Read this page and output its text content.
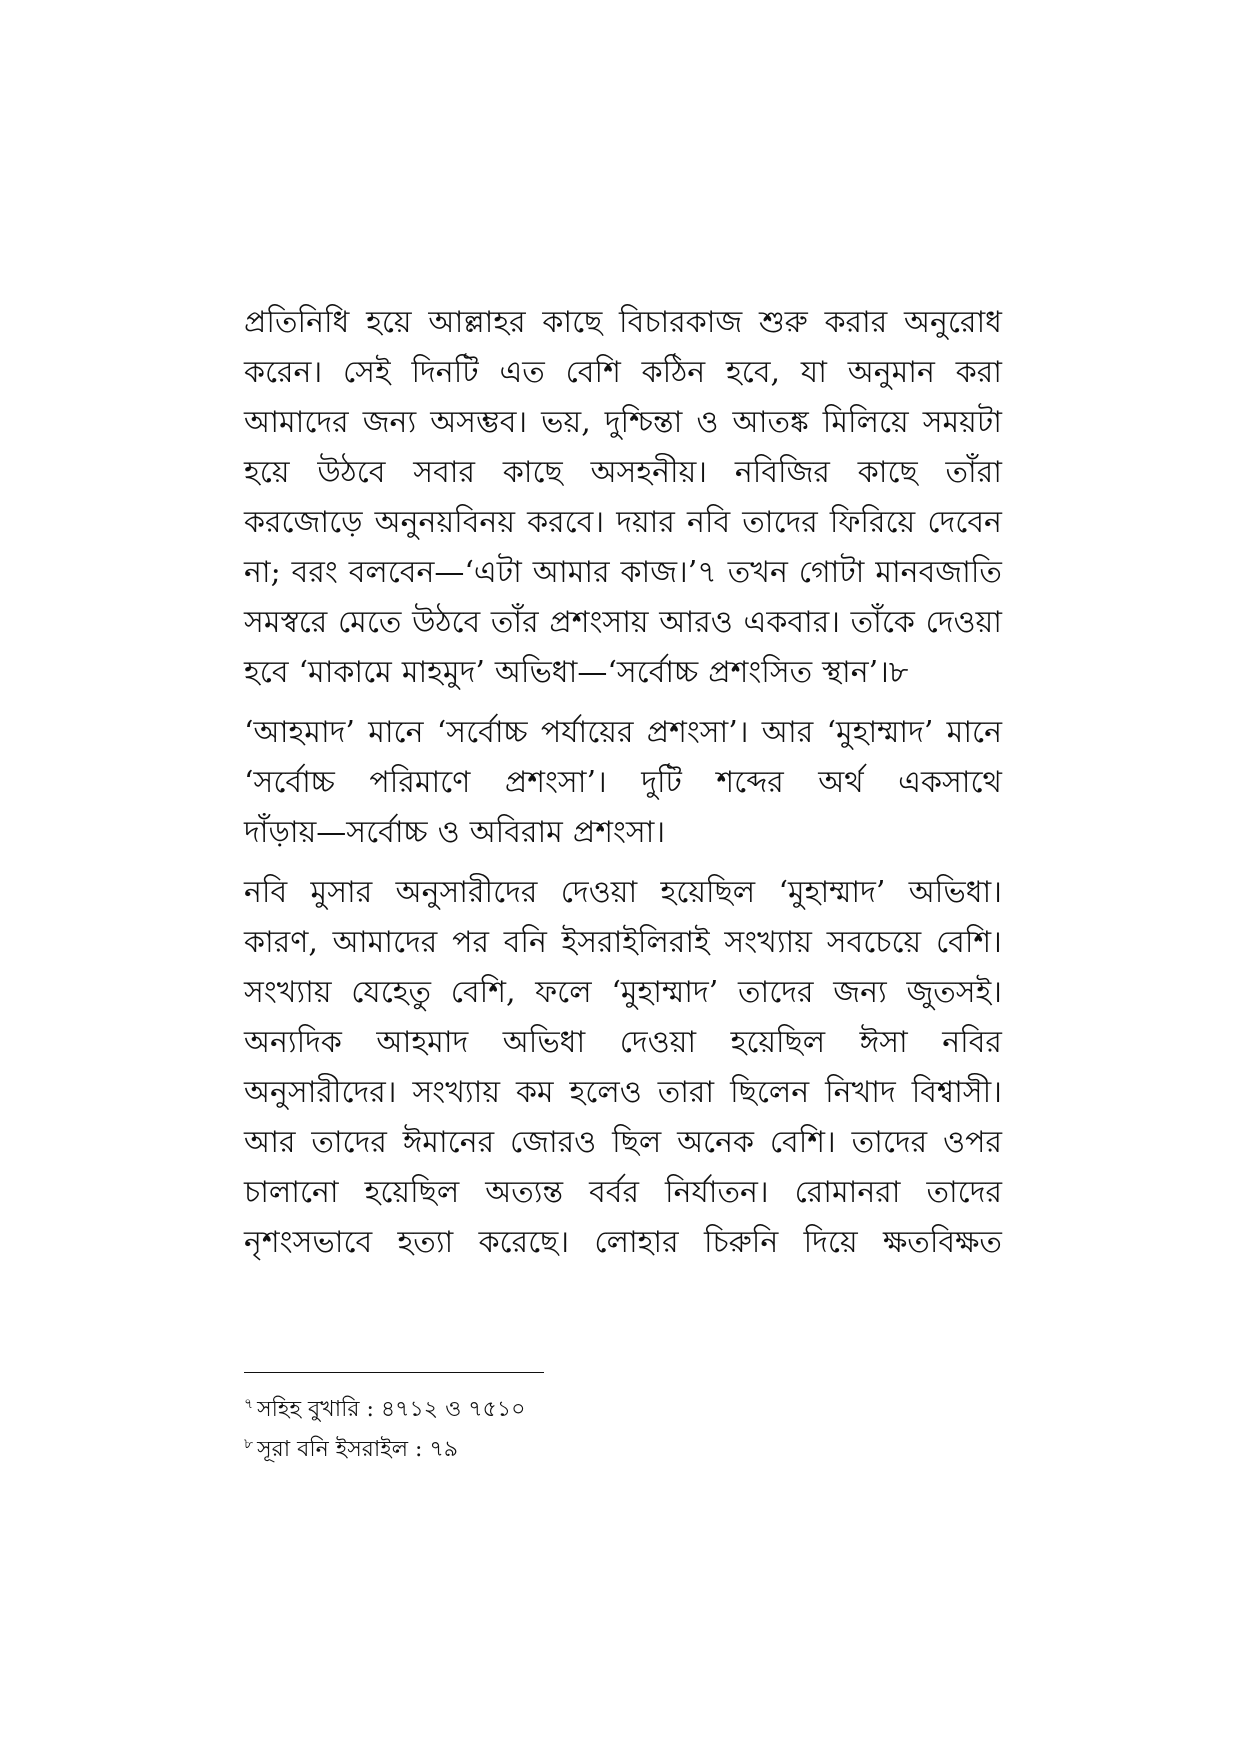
প্রতিনিধি হয়ে আল্লাহর কাছে বিচারকাজ শুরু করার অনুরোধ
করেন। সেই দিনটি এত বেশি কঠিন হবে, যা অনুমান করা
আমাদের জন্য অসম্ভব। ভয়, দুশ্চিন্তা ও আতঙ্ক মিলিয়ে সময়টা
হয়ে উঠবে সবার কাছে অসহনীয়। নবিজির কাছে তাঁরা
করজোড়ে অনুনয়বিনয় করবে। দয়ার নবি তাদের ফিরিয়ে দেবেন
না; বরং বলবেন—‘এটা আমার কাজ।’৭ তখন গোটা মানবজাতি
সমস্বরে মেতে উঠবে তাঁর প্রশংসায় আরও একবার। তাঁকে দেওয়া
হবে ‘মাকামে মাহমুদ’ অভিধা—‘সর্বোচ্চ প্রশংসিত স্থান’।৮
‘আহমাদ’ মানে ‘সর্বোচ্চ পর্যায়ের প্রশংসা’। আর ‘মুহাম্মাদ’ মানে
‘সর্বোচ্চ পরিমাণে প্রশংসা’। দুটি শব্দের অর্থ একসাথে
দাঁড়ায়—সর্বোচ্চ ও অবিরাম প্রশংসা।
নবি মুসার অনুসারীদের দেওয়া হয়েছিল ‘মুহাম্মাদ’ অভিধা।
কারণ, আমাদের পর বনি ইসরাইলিরাই সংখ্যায় সবচেয়ে বেশি।
সংখ্যায় যেহেতু বেশি, ফলে ‘মুহাম্মাদ’ তাদের জন্য জুতসই।
অন্যদিক আহমাদ অভিধা দেওয়া হয়েছিল ঈসা নবির
অনুসারীদের। সংখ্যায় কম হলেও তারা ছিলেন নিখাদ বিশ্বাসী।
আর তাদের ঈমানের জোরও ছিল অনেক বেশি। তাদের ওপর
চালানো হয়েছিল অত্যন্ত বর্বর নির্যাতন। রোমানরা তাদের
নৃশংসভাবে হত্যা করেছে। লোহার চিরুনি দিয়ে ক্ষতবিক্ষত
$^৭$ সহিহ বুখারি : ৪৭১২ ও ৭৫১০
$^৮$ সূরা বনি ইসরাইল : ৭৯
